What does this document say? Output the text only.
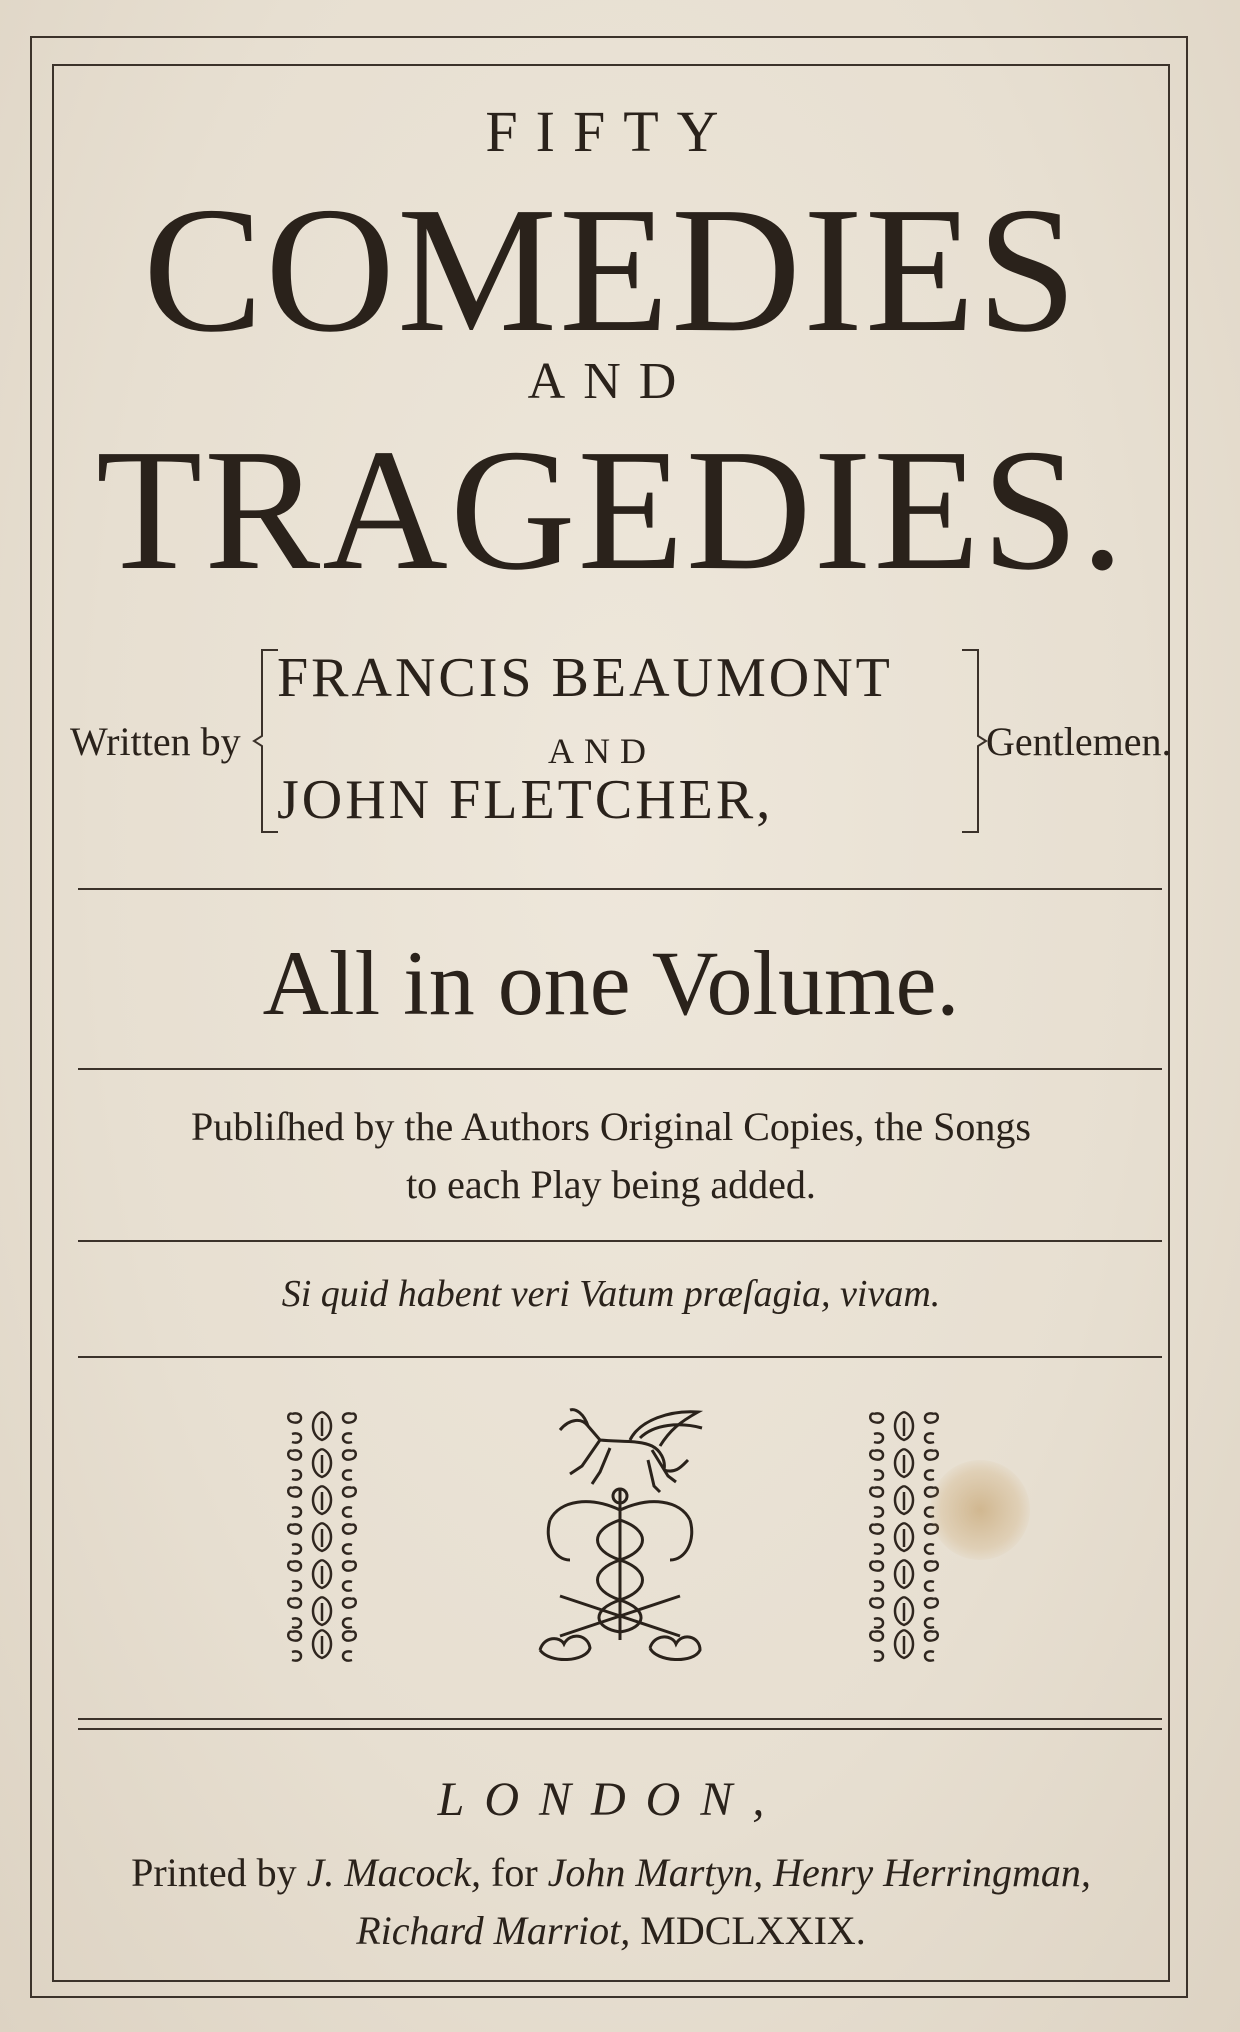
FIFTY
COMEDIES
AND
TRAGEDIES.
Written by
FRANCIS BEAUMONT
AND
JOHN FLETCHER,
Gentlemen.
All in one Volume.
Publiſhed by the Authors Original Copies, the Songs
to each Play being added.
Si quid habent veri Vatum præſagia, vivam.
LONDON,
Printed by J. Macock, for John Martyn, Henry Herringman,
Richard Marriot, MDCLXXIX.
